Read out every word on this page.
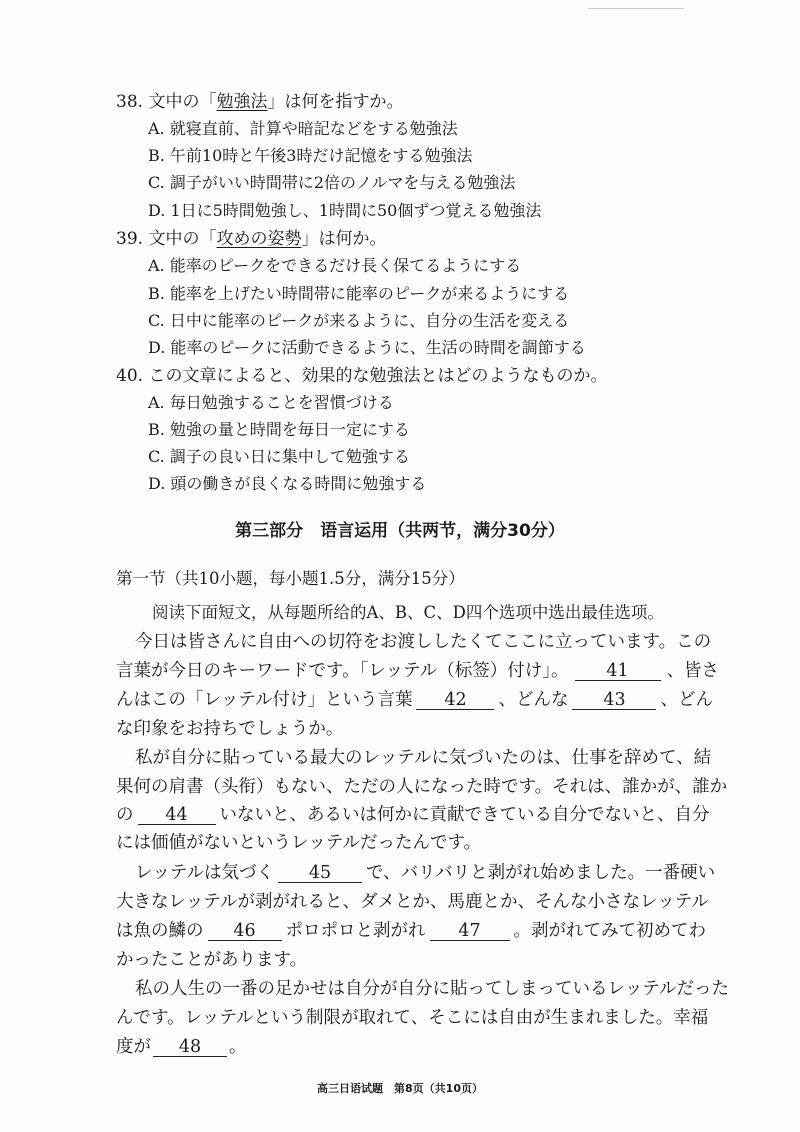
38. 文中の「勉強法」は何を指すか。
A. 就寝直前、計算や暗記などをする勉強法
B. 午前10時と午後3時だけ記憶をする勉強法
C. 調子がいい時間帯に2倍のノルマを与える勉強法
D. 1日に5時間勉強し、1時間に50個ずつ覚える勉強法
39. 文中の「攻めの姿勢」は何か。
A. 能率のピークをできるだけ長く保てるようにする
B. 能率を上げたい時間帯に能率のピークが来るようにする
C. 日中に能率のピークが来るように、自分の生活を変える
D. 能率のピークに活動できるように、生活の時間を調節する
40. この文章によると、効果的な勉強法とはどのようなものか。
A. 毎日勉強することを習慣づける
B. 勉強の量と時間を毎日一定にする
C. 調子の良い日に集中して勉強する
D. 頭の働きが良くなる時間に勉強する
第三部分　语言运用（共两节，满分30分）
第一节（共10小题，每小题1.5分，满分15分）
阅读下面短文，从每题所给的A、B、C、D四个选项中选出最佳选项。
今日は皆さんに自由への切符をお渡ししたくてここに立っています。この
言葉が今日のキーワードです。「レッテル（标签）付け」。 41 、皆さ
んはこの「レッテル付け」という言葉 42 、どんな 43 、どん
な印象をお持ちでしょうか。
私が自分に貼っている最大のレッテルに気づいたのは、仕事を辞めて、結
果何の肩書（头衔）もない、ただの人になった時です。それは、誰かが、誰か
の 44 いないと、あるいは何かに貢献できている自分でないと、自分
には価値がないというレッテルだったんです。
レッテルは気づく 45 で、バリバリと剥がれ始めました。一番硬い
大きなレッテルが剥がれると、ダメとか、馬鹿とか、そんな小さなレッテル
は魚の鱗の 46 ポロポロと剥がれ 47 。剥がれてみて初めてわ
かったことがあります。
私の人生の一番の足かせは自分が自分に貼ってしまっているレッテルだった
んです。レッテルという制限が取れて、そこには自由が生まれました。幸福
度が 48 。
高三日语试题　第8页（共10页）
